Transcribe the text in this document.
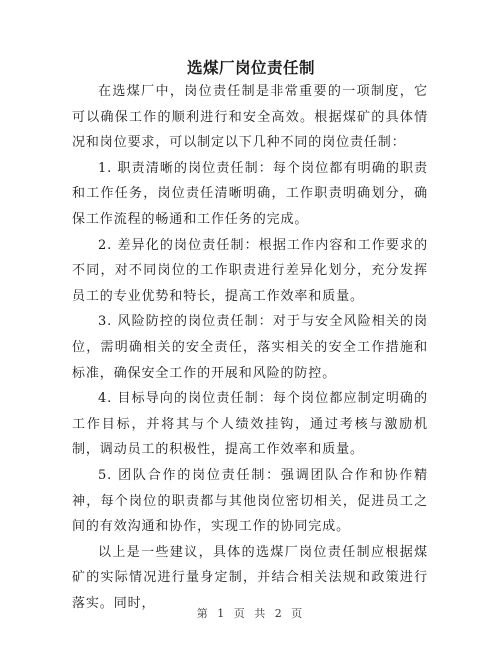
选煤厂岗位责任制

在选煤厂中，岗位责任制是非常重要的一项制度，它可以确保工作的顺利进行和安全高效。根据煤矿的具体情况和岗位要求，可以制定以下几种不同的岗位责任制：

1. 职责清晰的岗位责任制：每个岗位都有明确的职责和工作任务，岗位责任清晰明确，工作职责明确划分，确保工作流程的畅通和工作任务的完成。

2. 差异化的岗位责任制：根据工作内容和工作要求的不同，对不同岗位的工作职责进行差异化划分，充分发挥员工的专业优势和特长，提高工作效率和质量。

3. 风险防控的岗位责任制：对于与安全风险相关的岗位，需明确相关的安全责任，落实相关的安全工作措施和标准，确保安全工作的开展和风险的防控。

4. 目标导向的岗位责任制：每个岗位都应制定明确的工作目标，并将其与个人绩效挂钩，通过考核与激励机制，调动员工的积极性，提高工作效率和质量。

5. 团队合作的岗位责任制：强调团队合作和协作精神，每个岗位的职责都与其他岗位密切相关，促进员工之间的有效沟通和协作，实现工作的协同完成。

以上是一些建议，具体的选煤厂岗位责任制应根据煤矿的实际情况进行量身定制，并结合相关法规和政策进行落实。同时，

第 1 页 共 2 页
